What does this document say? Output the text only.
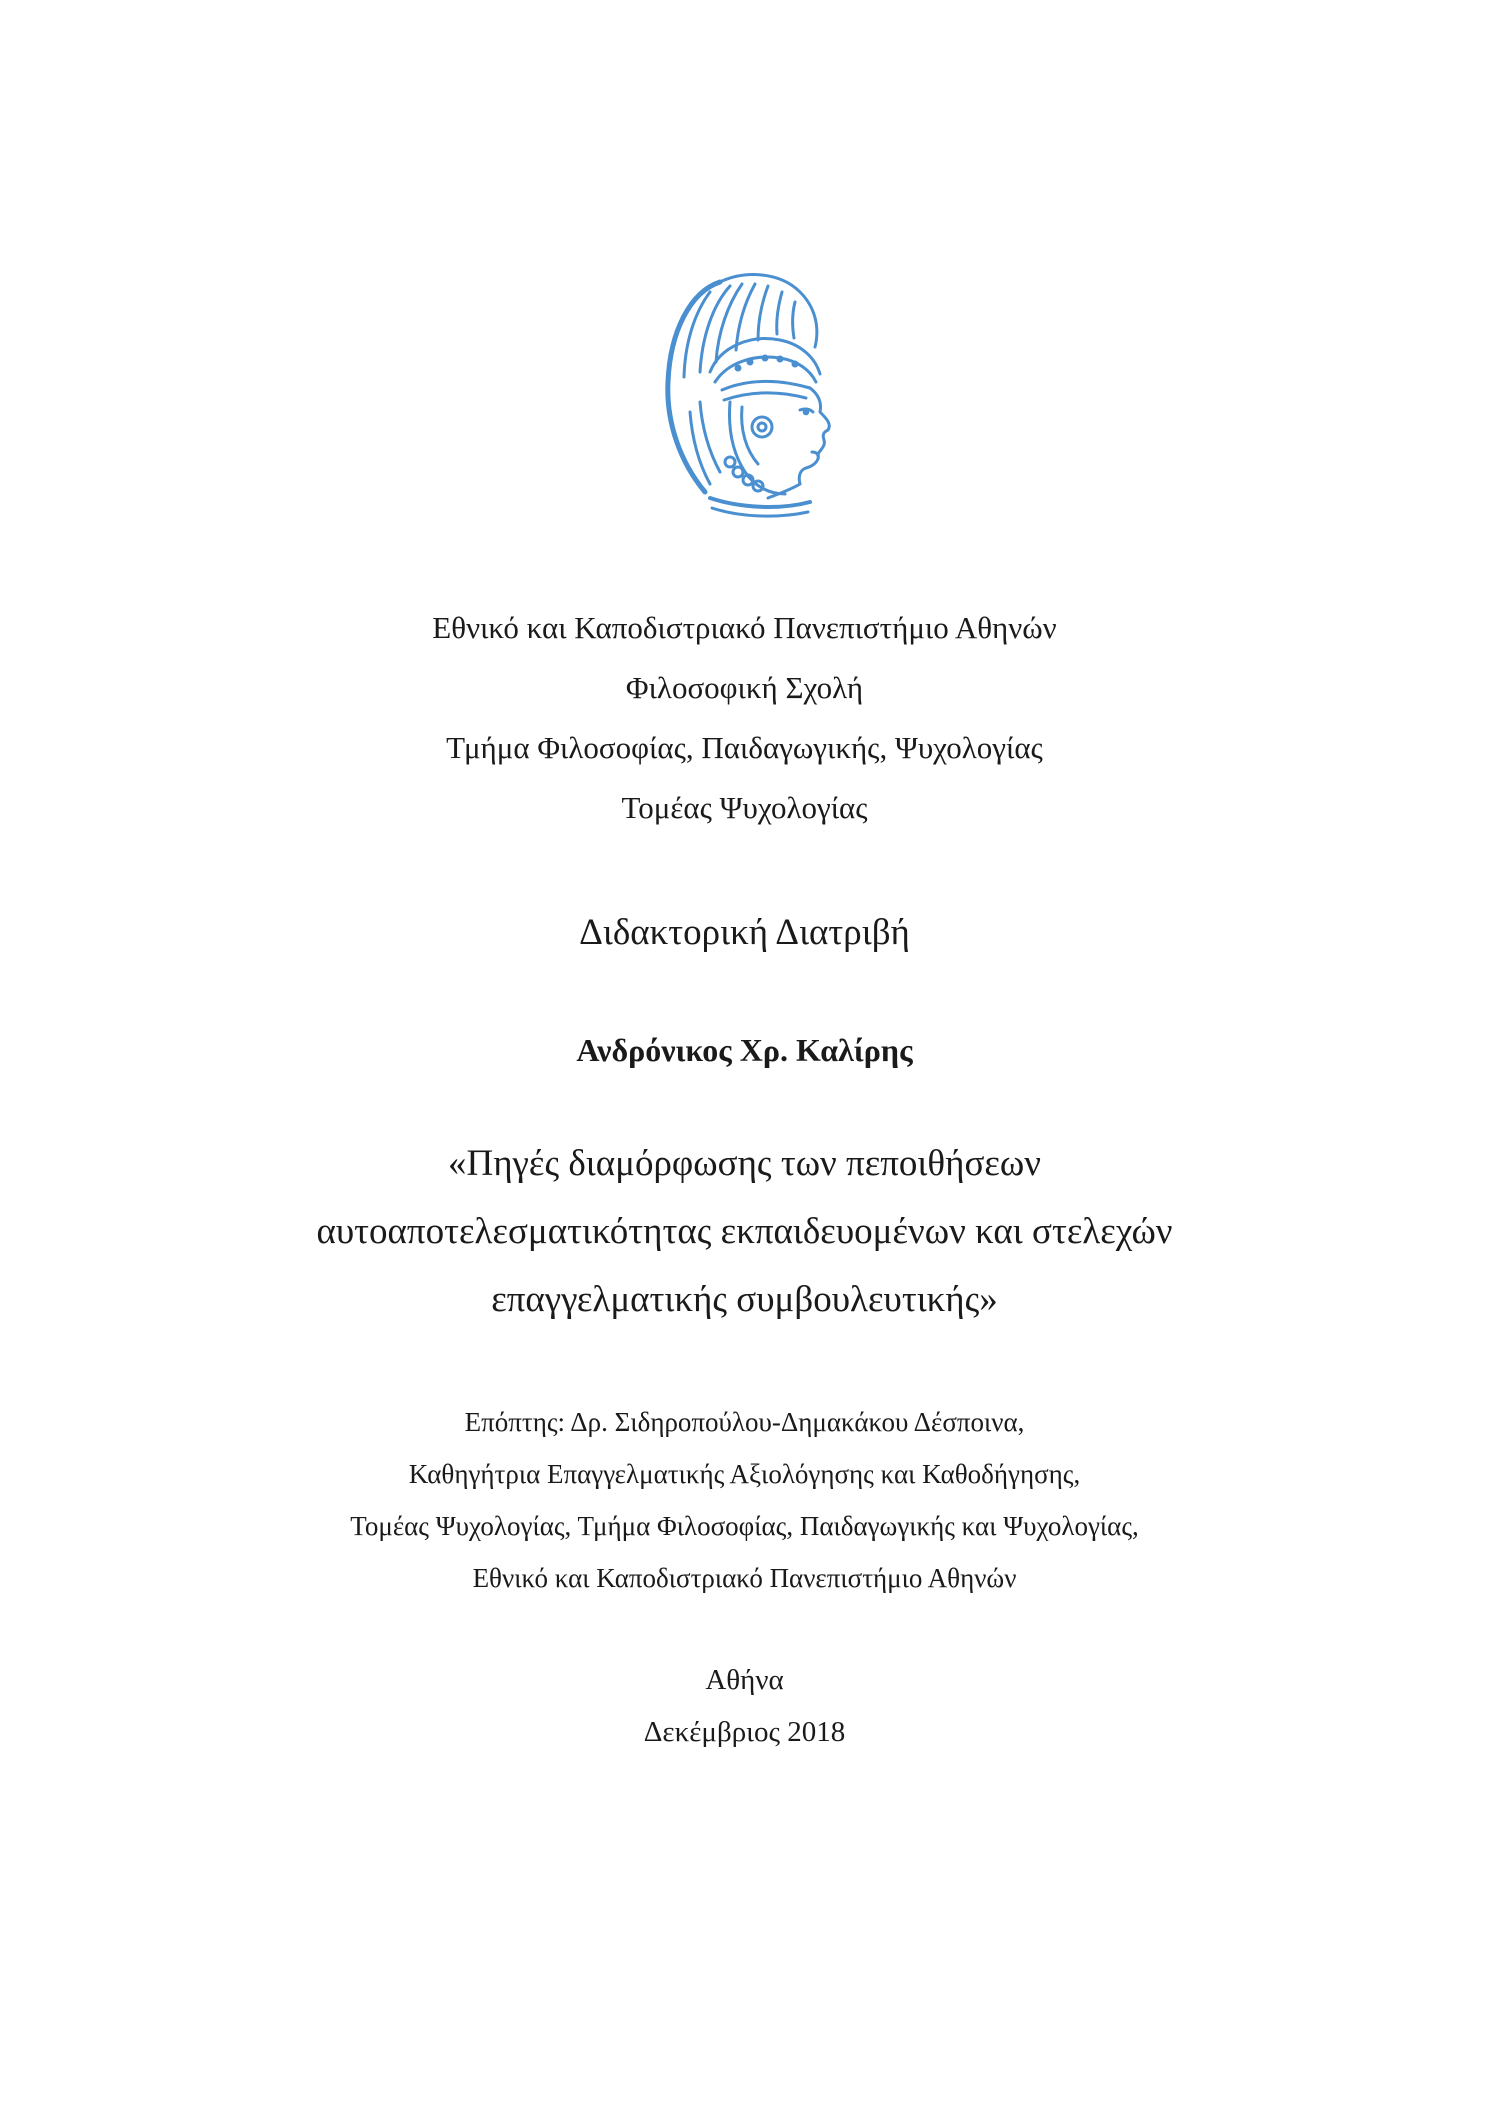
Εθνικό και Καποδιστριακό Πανεπιστήμιο Αθηνών

Φιλοσοφική Σχολή

Τμήμα Φιλοσοφίας, Παιδαγωγικής, Ψυχολογίας

Τομέας Ψυχολογίας

Διδακτορική Διατριβή

Ανδρόνικος Χρ. Καλίρης

«Πηγές διαμόρφωσης των πεποιθήσεων

αυτοαποτελεσματικότητας εκπαιδευομένων και στελεχών

επαγγελματικής συμβουλευτικής»

Επόπτης: Δρ. Σιδηροπούλου-Δημακάκου Δέσποινα,

Καθηγήτρια Επαγγελματικής Αξιολόγησης και Καθοδήγησης,

Τομέας Ψυχολογίας, Τμήμα Φιλοσοφίας, Παιδαγωγικής και Ψυχολογίας,

Εθνικό και Καποδιστριακό Πανεπιστήμιο Αθηνών

Αθήνα

Δεκέμβριος 2018
